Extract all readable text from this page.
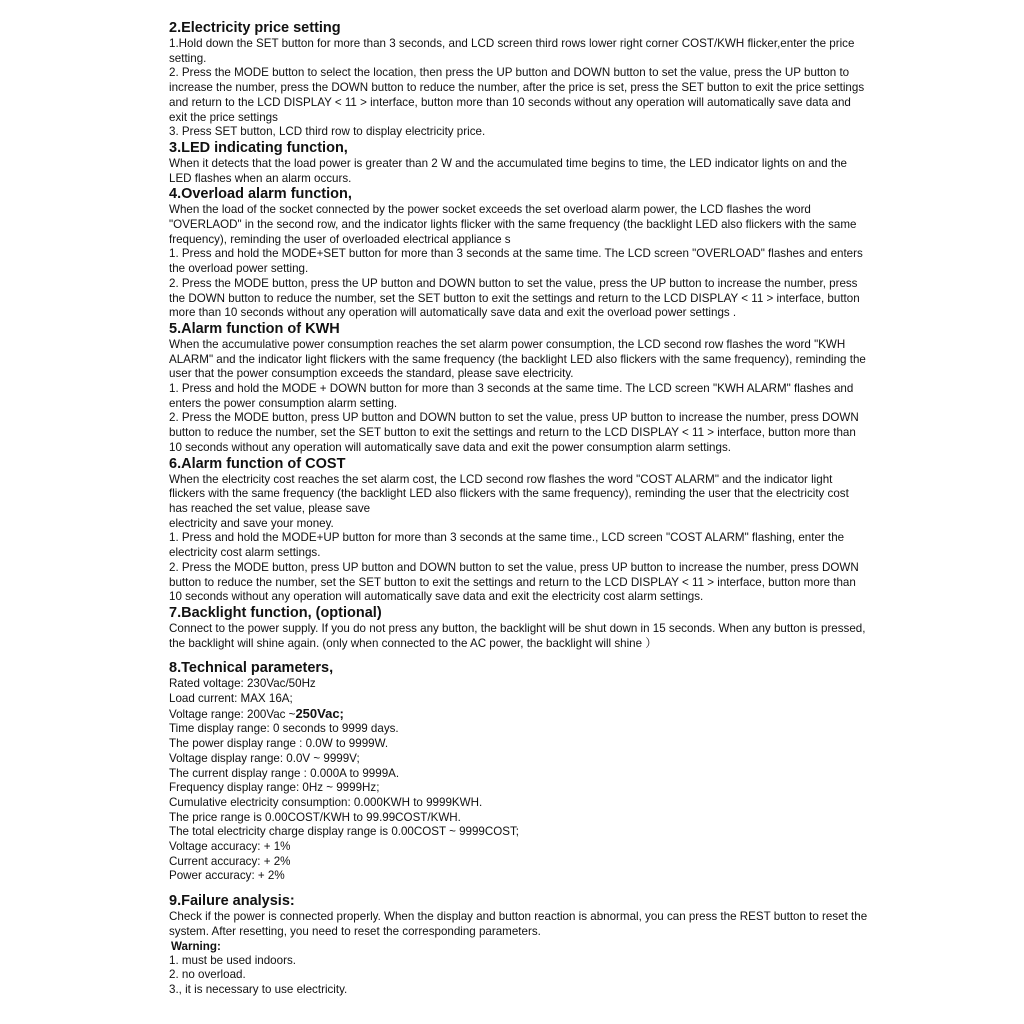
2.Electricity price setting
1.Hold down the SET button for more than 3 seconds, and LCD screen third rows lower right corner COST/KWH flicker,enter the price setting.
2. Press the MODE button to select the location, then press the UP button and DOWN button to set the value, press the UP button to increase the number, press the DOWN button to reduce the number, after the price is set, press the SET button to exit the price settings and return to the LCD DISPLAY < 11 > interface, button more than 10 seconds without any operation will automatically save data and exit the price settings
3. Press SET button, LCD third row to display electricity price.
3.LED indicating function,
When it detects that the load power is greater than 2 W and the accumulated time begins to time, the LED indicator lights on and the LED flashes when an alarm occurs.
4.Overload alarm function,
When the load of the socket connected by the power socket exceeds the set overload alarm power, the LCD flashes the word "OVERLAOD" in the second row, and the indicator lights flicker with the same frequency (the backlight LED also flickers with the same frequency), reminding the user of overloaded electrical appliance s
1. Press and hold the MODE+SET button for more than 3 seconds at the same time. The LCD screen "OVERLOAD" flashes and enters the overload power setting.
2. Press the MODE button, press the UP button and DOWN button to set the value, press the UP button to increase the number, press the DOWN button to reduce the number, set the SET button to exit the settings and return to the LCD DISPLAY < 11 > interface, button more than 10 seconds without any operation will automatically save data and exit the overload power settings .
5.Alarm function of KWH
When the accumulative power consumption reaches the set alarm power consumption, the LCD second row flashes the word "KWH ALARM" and the indicator light flickers with the same frequency (the backlight LED also flickers with the same frequency), reminding the user that the power consumption exceeds the standard, please save electricity.
1. Press and hold the MODE + DOWN button for more than 3 seconds at the same time. The LCD screen "KWH ALARM" flashes and enters the power consumption alarm setting.
2. Press the MODE button, press UP button and DOWN button to set the value, press UP button to increase the number, press DOWN button to reduce the number, set the SET button to exit the settings and return to the LCD DISPLAY < 11 > interface, button more than 10 seconds without any operation will automatically save data and exit the power consumption alarm settings.
6.Alarm function of COST
When the electricity cost reaches the set alarm cost, the LCD second row flashes the word "COST ALARM" and the indicator light flickers with the same frequency (the backlight LED also flickers with the same frequency), reminding the user that the electricity cost has reached the set value, please save
electricity and save your money.
1. Press and hold the MODE+UP button for more than 3 seconds at the same time., LCD screen "COST ALARM" flashing, enter the electricity cost alarm settings.
2. Press the MODE button, press UP button and DOWN button to set the value, press UP button to increase the number, press DOWN button to reduce the number, set the SET button to exit the settings and return to the LCD DISPLAY < 11 > interface, button more than 10 seconds without any operation will automatically save data and exit the electricity cost alarm settings.
7.Backlight function, (optional)
Connect to the power supply. If you do not press any button, the backlight will be shut down in 15 seconds. When any button is pressed, the backlight will shine again. (only when connected to the AC power, the backlight will shine ）
8.Technical parameters,
Rated voltage: 230Vac/50Hz
Load current: MAX 16A;
Voltage range: 200Vac ~250Vac;
Time display range: 0 seconds to 9999 days.
The power display range : 0.0W to 9999W.
Voltage display range: 0.0V ~ 9999V;
The current display range : 0.000A to 9999A.
Frequency display range: 0Hz ~ 9999Hz;
Cumulative electricity consumption: 0.000KWH to 9999KWH.
The price range is 0.00COST/KWH to 99.99COST/KWH.
The total electricity charge display range is 0.00COST ~ 9999COST;
Voltage accuracy: + 1%
Current accuracy: + 2%
Power accuracy: + 2%
9.Failure analysis:
Check if the power is connected properly. When the display and button reaction is abnormal, you can press the REST button to reset the system. After resetting, you need to reset the corresponding parameters.
Warning:
1. must be used indoors.
2. no overload.
3., it is necessary to use electricity.
